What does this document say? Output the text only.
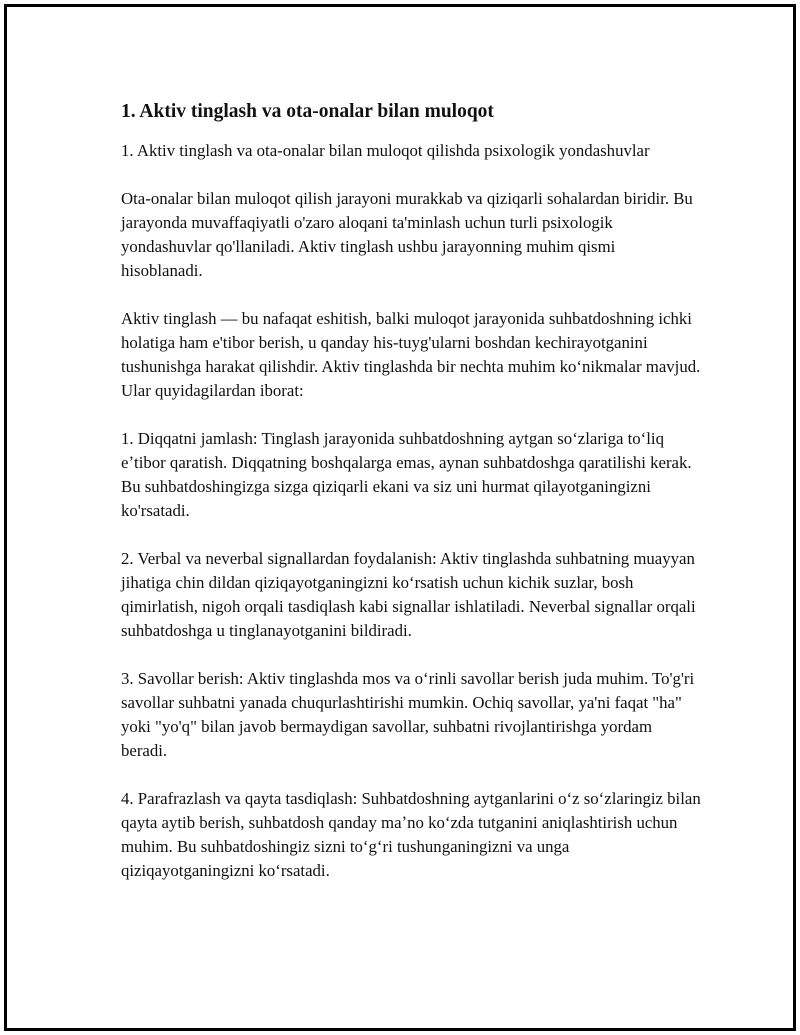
1. Aktiv tinglash va ota-onalar bilan muloqot

1. Aktiv tinglash va ota-onalar bilan muloqot qilishda psixologik yondashuvlar

Ota-onalar bilan muloqot qilish jarayoni murakkab va qiziqarli sohalardan biridir. Bu jarayonda muvaffaqiyatli o'zaro aloqani ta'minlash uchun turli psixologik yondashuvlar qo'llaniladi. Aktiv tinglash ushbu jarayonning muhim qismi hisoblanadi.

Aktiv tinglash — bu nafaqat eshitish, balki muloqot jarayonida suhbatdoshning ichki holatiga ham e'tibor berish, u qanday his-tuyg'ularni boshdan kechirayotganini tushunishga harakat qilishdir. Aktiv tinglashda bir nechta muhim koʻnikmalar mavjud. Ular quyidagilardan iborat:

1. Diqqatni jamlash: Tinglash jarayonida suhbatdoshning aytgan soʻzlariga toʻliq eʼtibor qaratish. Diqqatning boshqalarga emas, aynan suhbatdoshga qaratilishi kerak. Bu suhbatdoshingizga sizga qiziqarli ekani va siz uni hurmat qilayotganingizni ko'rsatadi.

2. Verbal va neverbal signallardan foydalanish: Aktiv tinglashda suhbatning muayyan jihatiga chin dildan qiziqayotganingizni koʻrsatish uchun kichik suzlar, bosh qimirlatish, nigoh orqali tasdiqlash kabi signallar ishlatiladi. Neverbal signallar orqali suhbatdoshga u tinglanayotganini bildiradi.

3. Savollar berish: Aktiv tinglashda mos va oʻrinli savollar berish juda muhim. To'g'ri savollar suhbatni yanada chuqurlashtirishi mumkin. Ochiq savollar, ya'ni faqat "ha" yoki "yo'q" bilan javob bermaydigan savollar, suhbatni rivojlantirishga yordam beradi.

4. Parafrazlash va qayta tasdiqlash: Suhbatdoshning aytganlarini oʻz soʻzlaringiz bilan qayta aytib berish, suhbatdosh qanday maʼno koʻzda tutganini aniqlashtirish uchun muhim. Bu suhbatdoshingiz sizni toʻgʻri tushunganingizni va unga qiziqayotganingizni koʻrsatadi.
